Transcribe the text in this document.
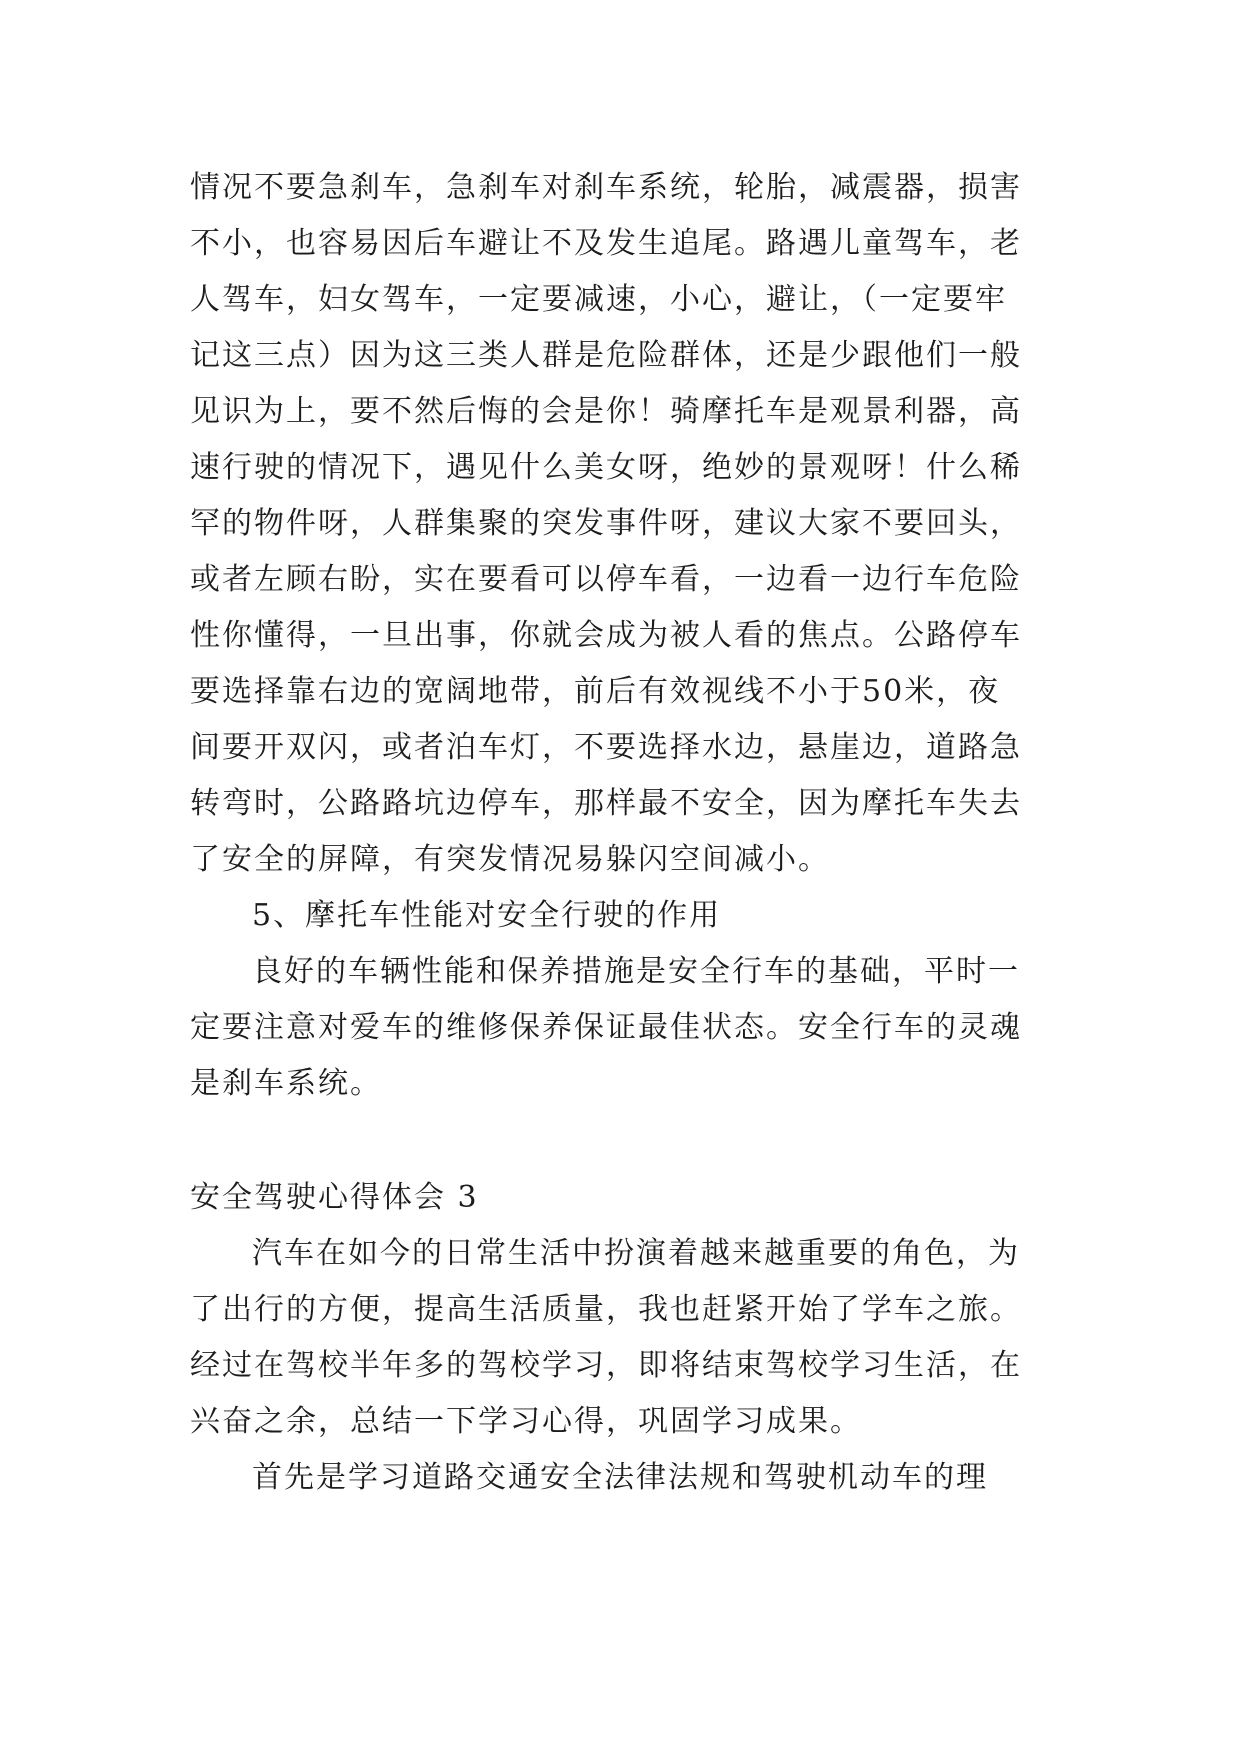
情况不要急刹车，急刹车对刹车系统，轮胎，减震器，损害
不小，也容易因后车避让不及发生追尾。路遇儿童驾车，老
人驾车，妇女驾车，一定要减速，小心，避让，（一定要牢
记这三点）因为这三类人群是危险群体，还是少跟他们一般
见识为上，要不然后悔的会是你！骑摩托车是观景利器，高
速行驶的情况下，遇见什么美女呀，绝妙的景观呀！什么稀
罕的物件呀，人群集聚的突发事件呀，建议大家不要回头，
或者左顾右盼，实在要看可以停车看，一边看一边行车危险
性你懂得，一旦出事，你就会成为被人看的焦点。公路停车
要选择靠右边的宽阔地带，前后有效视线不小于50米，夜
间要开双闪，或者泊车灯，不要选择水边，悬崖边，道路急
转弯时，公路路坑边停车，那样最不安全，因为摩托车失去
了安全的屏障，有突发情况易躲闪空间减小。
5、摩托车性能对安全行驶的作用
良好的车辆性能和保养措施是安全行车的基础，平时一
定要注意对爱车的维修保养保证最佳状态。安全行车的灵魂
是刹车系统。
安全驾驶心得体会 3
汽车在如今的日常生活中扮演着越来越重要的角色，为
了出行的方便，提高生活质量，我也赶紧开始了学车之旅。
经过在驾校半年多的驾校学习，即将结束驾校学习生活，在
兴奋之余，总结一下学习心得，巩固学习成果。
首先是学习道路交通安全法律法规和驾驶机动车的理
